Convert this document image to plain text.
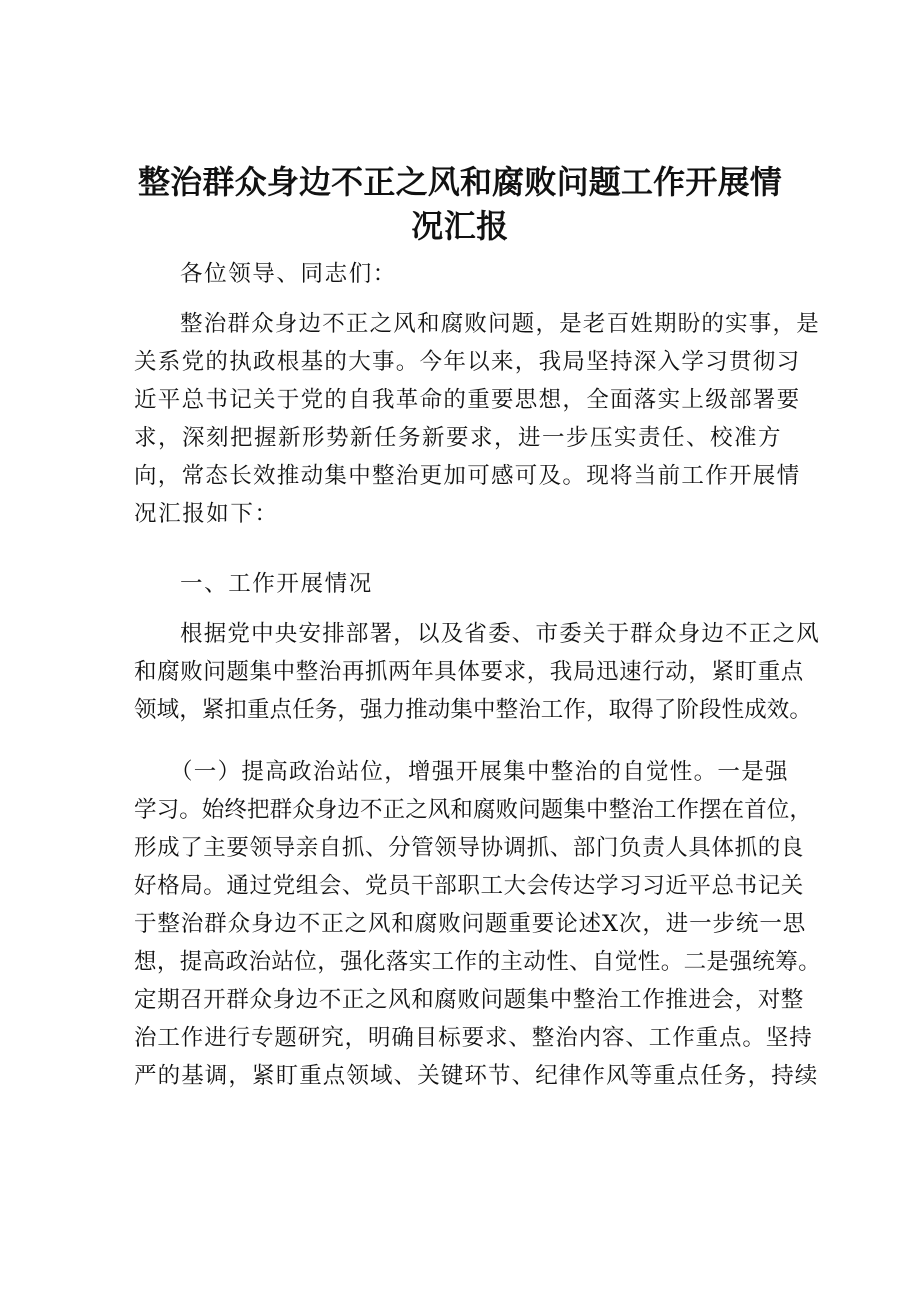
整治群众身边不正之风和腐败问题工作开展情
况汇报
各位领导、同志们：
整治群众身边不正之风和腐败问题，是老百姓期盼的实事，是
关系党的执政根基的大事。今年以来，我局坚持深入学习贯彻习
近平总书记关于党的自我革命的重要思想，全面落实上级部署要
求，深刻把握新形势新任务新要求，进一步压实责任、校准方
向，常态长效推动集中整治更加可感可及。现将当前工作开展情
况汇报如下：
一、工作开展情况
根据党中央安排部署，以及省委、市委关于群众身边不正之风
和腐败问题集中整治再抓两年具体要求，我局迅速行动，紧盯重点
领域，紧扣重点任务，强力推动集中整治工作，取得了阶段性成效。
（一）提高政治站位，增强开展集中整治的自觉性。一是强
学习。始终把群众身边不正之风和腐败问题集中整治工作摆在首位，
形成了主要领导亲自抓、分管领导协调抓、部门负责人具体抓的良
好格局。通过党组会、党员干部职工大会传达学习习近平总书记关
于整治群众身边不正之风和腐败问题重要论述X次，进一步统一思
想，提高政治站位，强化落实工作的主动性、自觉性。二是强统筹。
定期召开群众身边不正之风和腐败问题集中整治工作推进会，对整
治工作进行专题研究，明确目标要求、整治内容、工作重点。坚持
严的基调，紧盯重点领域、关键环节、纪律作风等重点任务，持续
